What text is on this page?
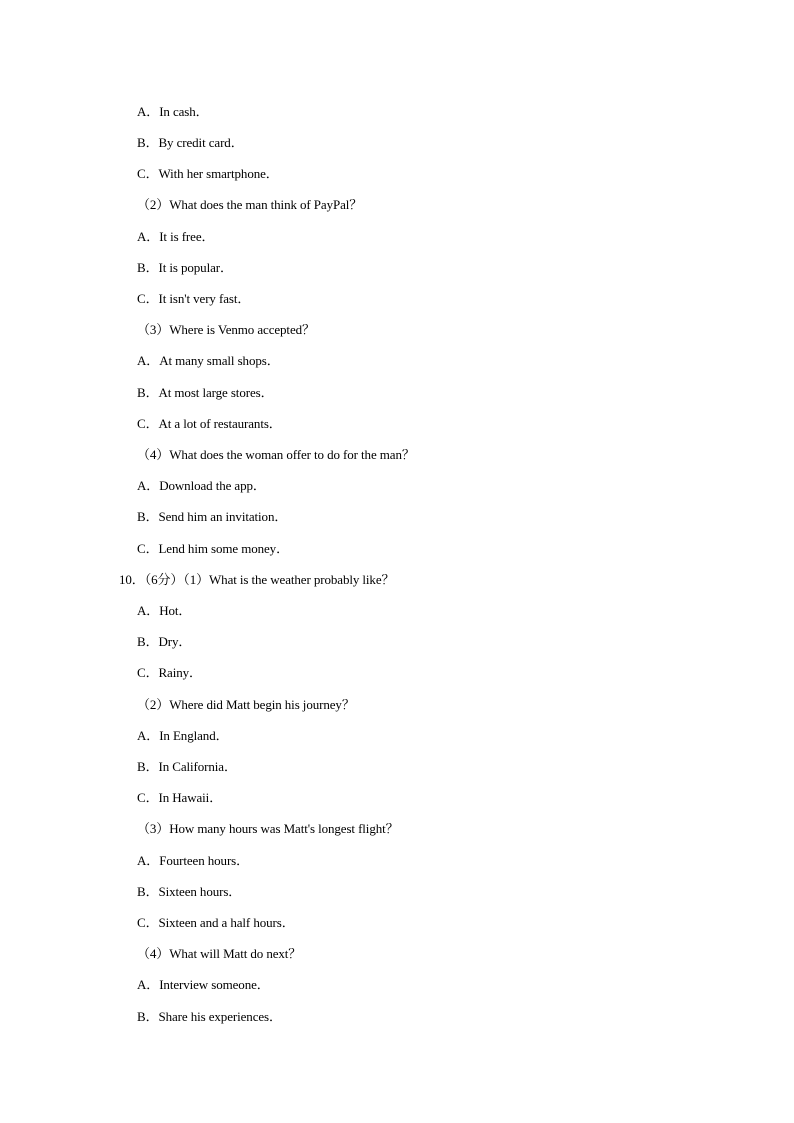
A．In cash．
B．By credit card．
C．With her smartphone．
（2）What does the man think of PayPal？
A．It is free．
B．It is popular．
C．It isn't very fast．
（3）Where is Venmo accepted？
A．At many small shops．
B．At most large stores．
C．At a lot of restaurants．
（4）What does the woman offer to do for the man？
A．Download the app．
B．Send him an invitation．
C．Lend him some money．
10．（6分）（1）What is the weather probably like？
A．Hot．
B．Dry．
C．Rainy．
（2）Where did Matt begin his journey？
A．In England．
B．In California．
C．In Hawaii．
（3）How many hours was Matt's longest flight？
A．Fourteen hours．
B．Sixteen hours．
C．Sixteen and a half hours．
（4）What will Matt do next？
A．Interview someone．
B．Share his experiences．
